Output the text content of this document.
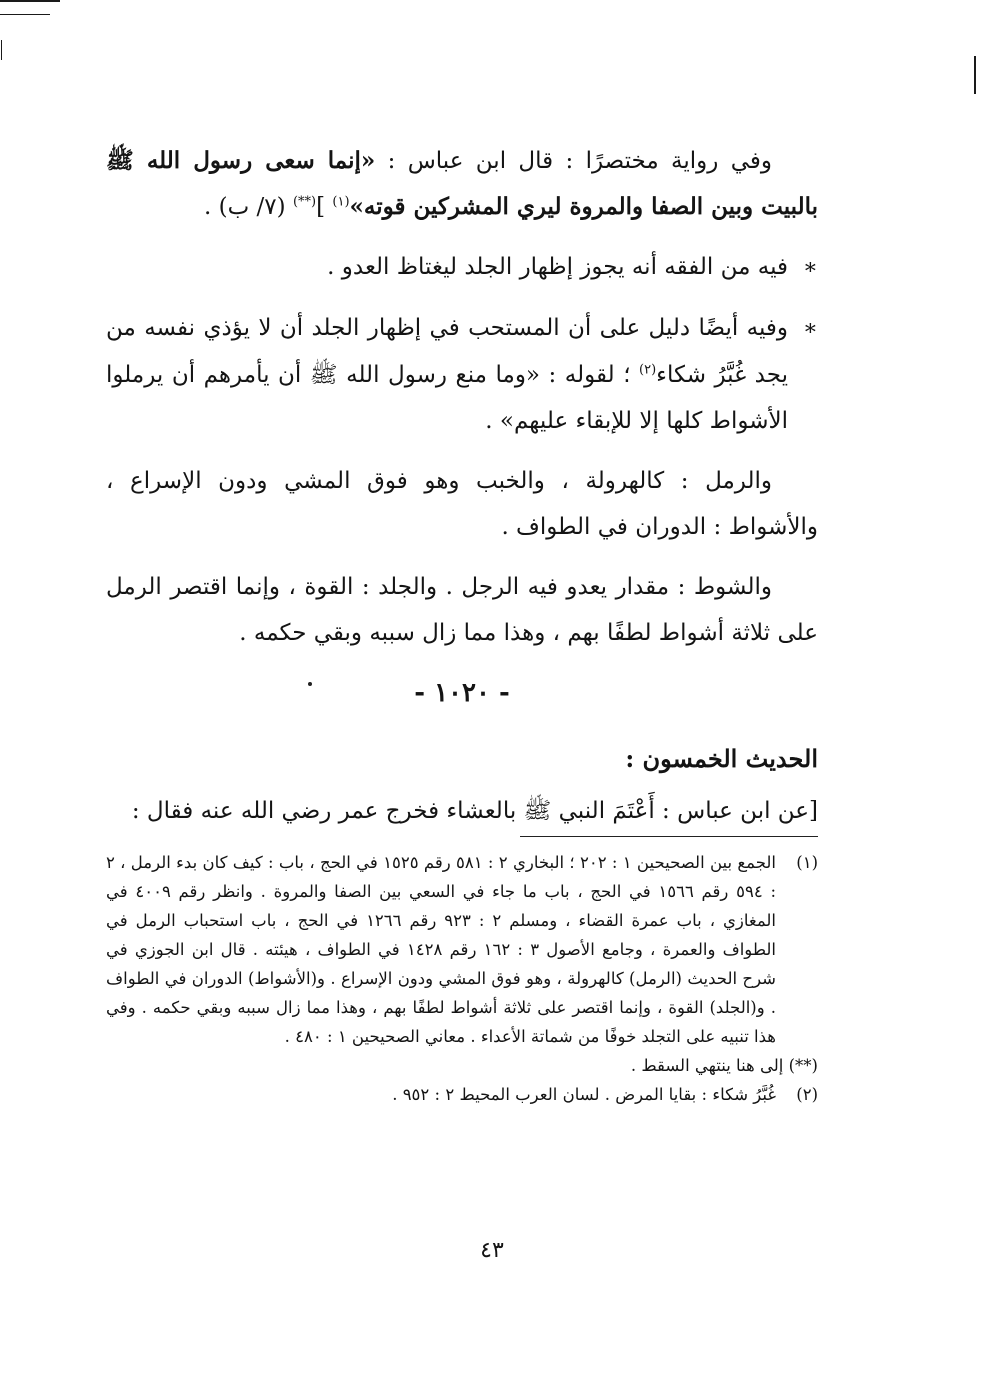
وفي رواية مختصرًا : قال ابن عباس : «إنما سعى رسول الله ﷺ بالبيت وبين الصفا والمروة ليري المشركين قوته»$^{(١)}$ ](**) (٧/ ب) .

∗فيه من الفقه أنه يجوز إظهار الجلد ليغتاظ العدو .

∗وفيه أيضًا دليل على أن المستحب في إظهار الجلد أن لا يؤذي نفسه من يجد غُبَّرُ شكاء$^{(٢)}$ ؛ لقوله : «وما منع رسول الله ﷺ أن يأمرهم أن يرملوا الأشواط كلها إلا للإبقاء عليهم» .

والرمل : كالهرولة ، والخبب وهو فوق المشي ودون الإسراع ، والأشواط : الدوران في الطواف .

والشوط : مقدار يعدو فيه الرجل . والجلد : القوة ، وإنما اقتصر الرمل على ثلاثة أشواط لطفًا بهم ، وهذا مما زال سببه وبقي حكمه .

- ١٠٢٠ -
الحديث الخمسون :

[عن ابن عباس : أَعْتَمَ النبي ﷺ بالعشاء فخرج عمر رضي الله عنه فقال :

(١)
الجمع بين الصحيحين ١ : ٢٠٢ ؛ البخاري ٢ : ٥٨١ رقم ١٥٢٥ في الحج ، باب : كيف كان بدء الرمل ، ٢ : ٥٩٤ رقم ١٥٦٦ في الحج ، باب ما جاء في السعي بين الصفا والمروة . وانظر رقم ٤٠٠٩ في المغازي ، باب عمرة القضاء ، ومسلم ٢ : ٩٢٣ رقم ١٢٦٦ في الحج ، باب استحباب الرمل في الطواف والعمرة ، وجامع الأصول ٣ : ١٦٢ رقم ١٤٢٨ في الطواف ، هيئته . قال ابن الجوزي في شرح الحديث (الرمل) كالهرولة ، وهو فوق المشي ودون الإسراع . و(الأشواط) الدوران في الطواف . و(الجلد) القوة ، وإنما اقتصر على ثلاثة أشواط لطفًا بهم ، وهذا مما زال سببه وبقي حكمه . وفي هذا تنبيه على التجلد خوفًا من شماتة الأعداء . معاني الصحيحين ١ : ٤٨٠ .

(**) إلى هنا ينتهي السقط .

(٢)
غُبَّرُ شكاء : بقايا المرض . لسان العرب المحيط ٢ : ٩٥٢ .

٤٣
